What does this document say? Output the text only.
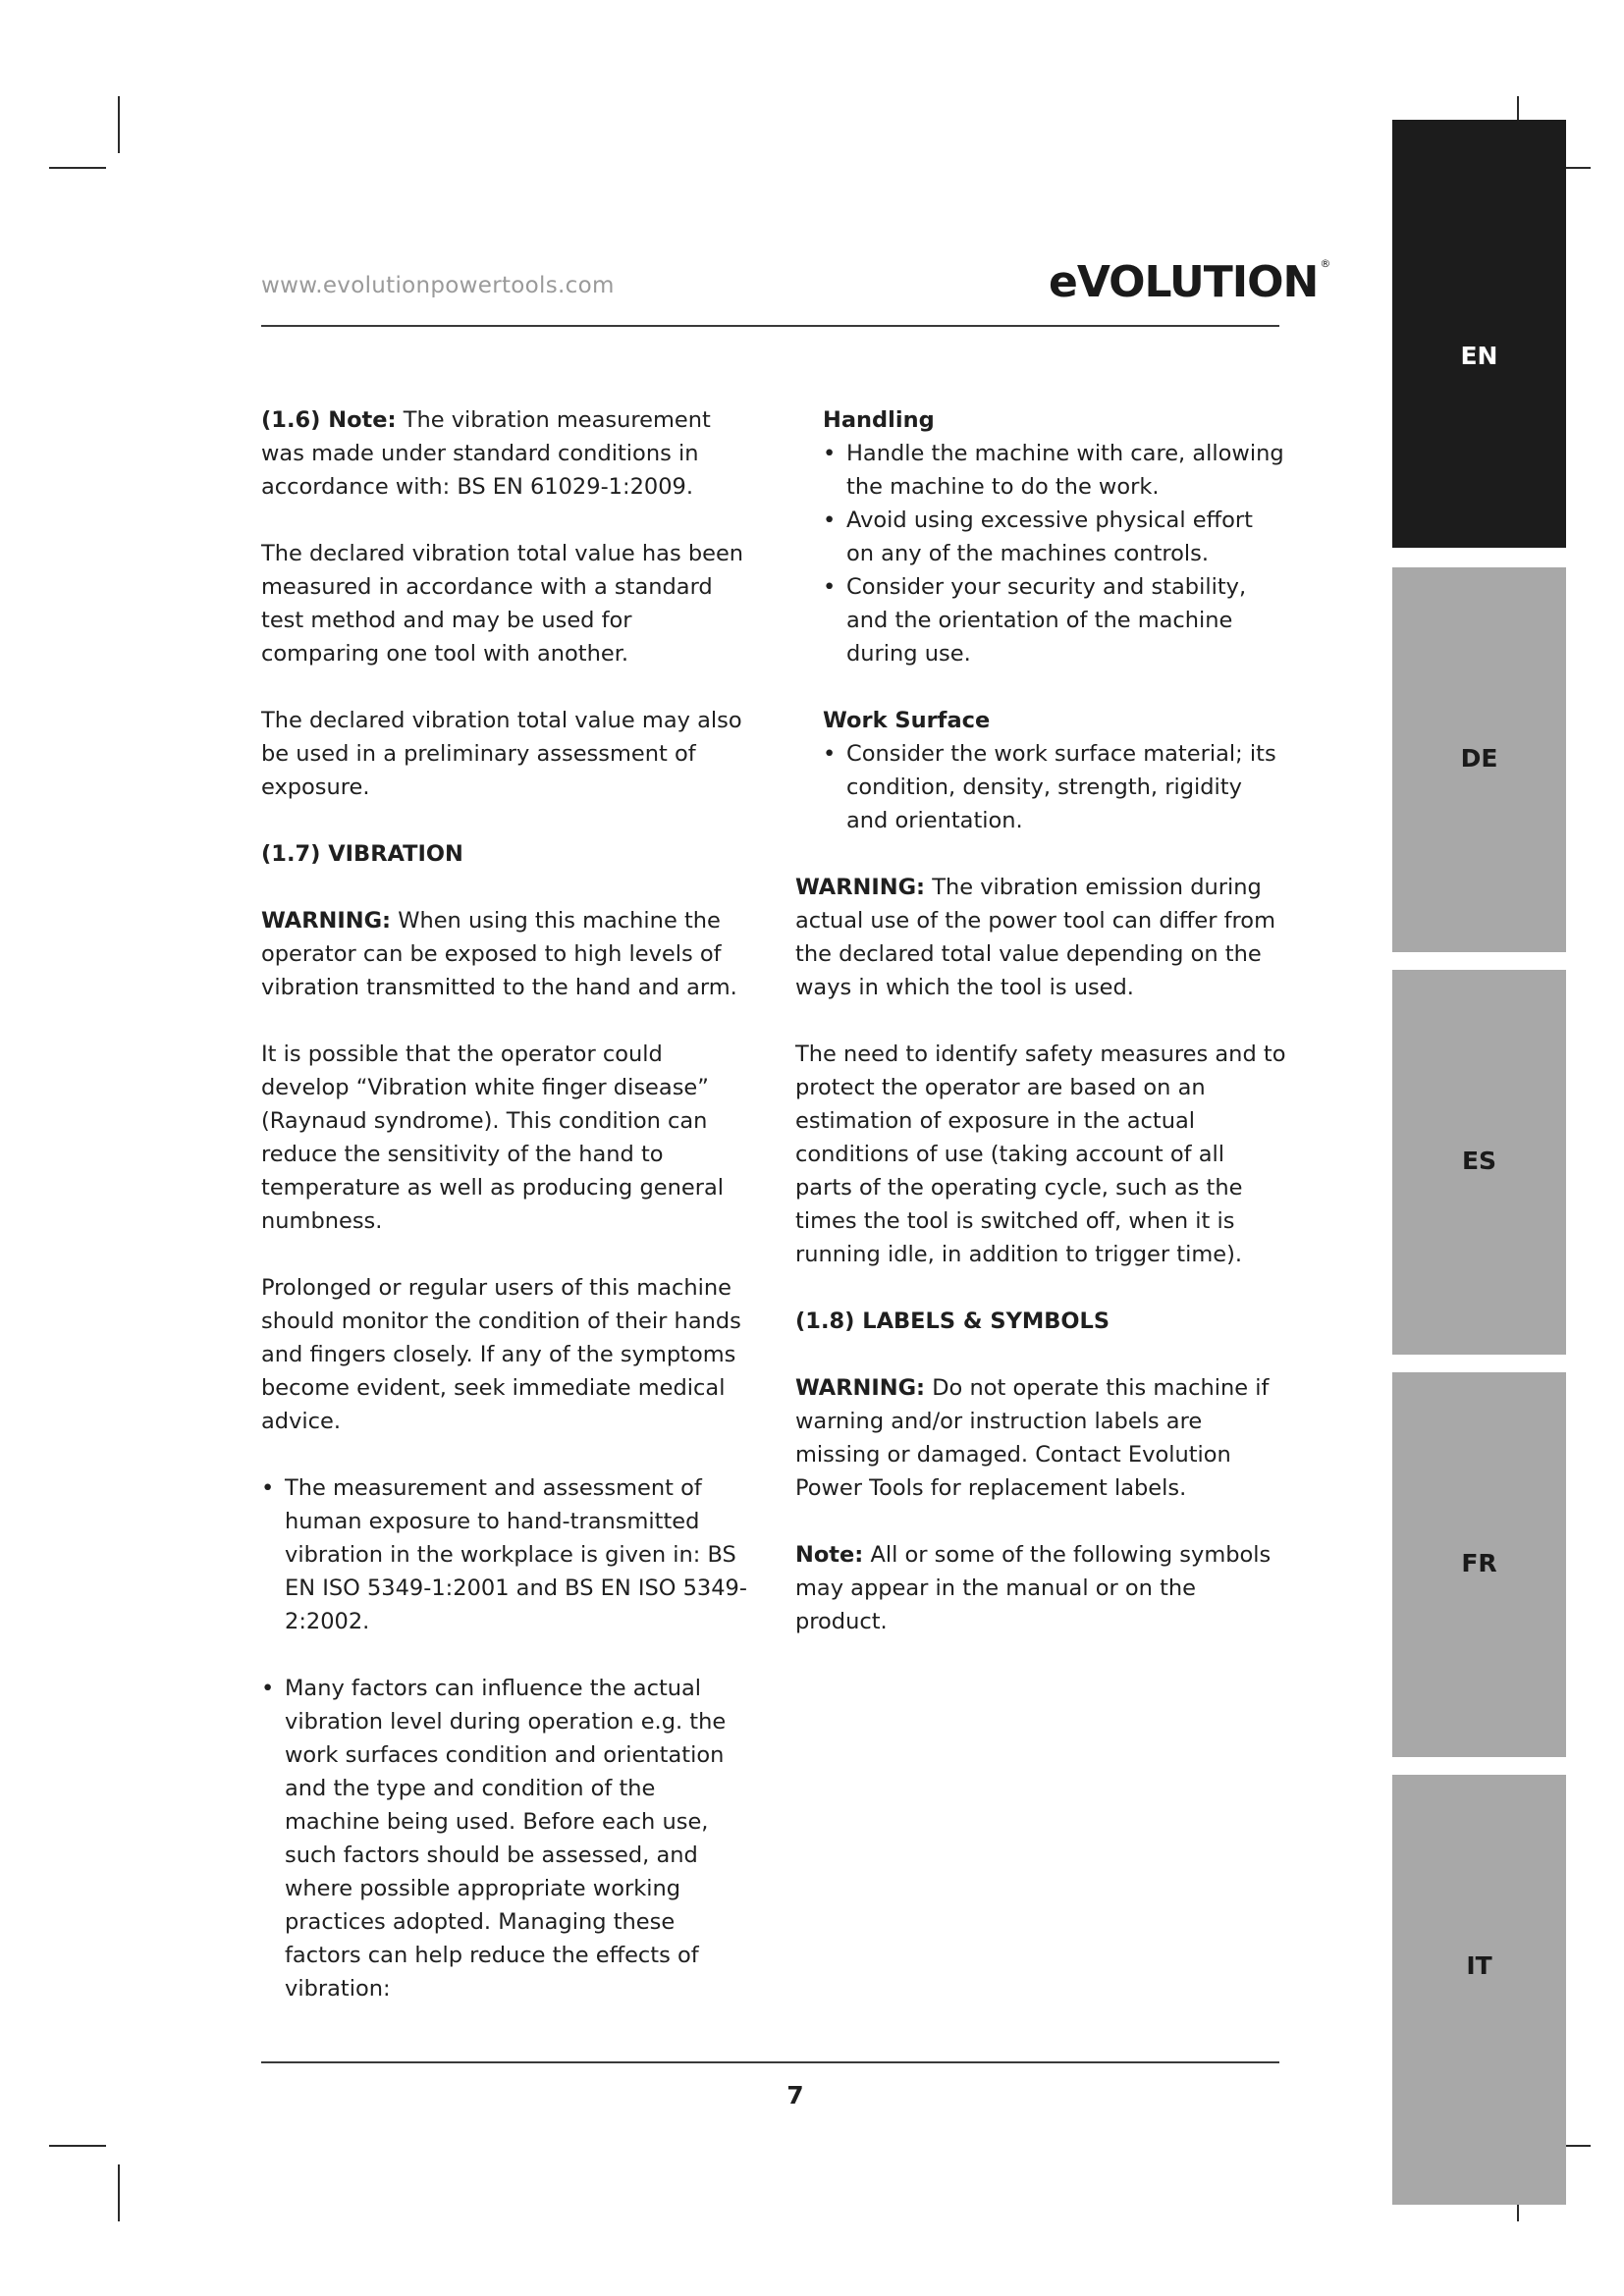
www.evolutionpowertools.com	eVOLUTION ®

(1.6) Note: The vibration measurement was made under standard conditions in accordance with: BS EN 61029-1:2009.

The declared vibration total value has been measured in accordance with a standard test method and may be used for comparing one tool with another.

The declared vibration total value may also be used in a preliminary assessment of exposure.

(1.7) VIBRATION

WARNING: When using this machine the operator can be exposed to high levels of vibration transmitted to the hand and arm.

It is possible that the operator could develop “Vibration white finger disease” (Raynaud syndrome). This condition can reduce the sensitivity of the hand to temperature as well as producing general numbness.

Prolonged or regular users of this machine should monitor the condition of their hands and fingers closely. If any of the symptoms become evident, seek immediate medical advice.

• The measurement and assessment of human exposure to hand-transmitted vibration in the workplace is given in: BS EN ISO 5349-1:2001 and BS EN ISO 5349-2:2002.
• Many factors can influence the actual vibration level during operation e.g. the work surfaces condition and orientation and the type and condition of the machine being used. Before each use, such factors should be assessed, and where possible appropriate working practices adopted. Managing these factors can help reduce the effects of vibration:
Handling
• Handle the machine with care, allowing the machine to do the work.
• Avoid using excessive physical effort on any of the machines controls.
• Consider your security and stability, and the orientation of the machine during use.
Work Surface
• Consider the work surface material; its condition, density, strength, rigidity and orientation.

WARNING: The vibration emission during actual use of the power tool can differ from the declared total value depending on the ways in which the tool is used.

The need to identify safety measures and to protect the operator are based on an estimation of exposure in the actual conditions of use (taking account of all parts of the operating cycle, such as the times the tool is switched off, when it is running idle, in addition to trigger time).

(1.8) LABELS & SYMBOLS

WARNING: Do not operate this machine if warning and/or instruction labels are missing or damaged. Contact Evolution Power Tools for replacement labels.

Note: All or some of the following symbols may appear in the manual or on the product.

EN
DE
ES
FR
IT
7
